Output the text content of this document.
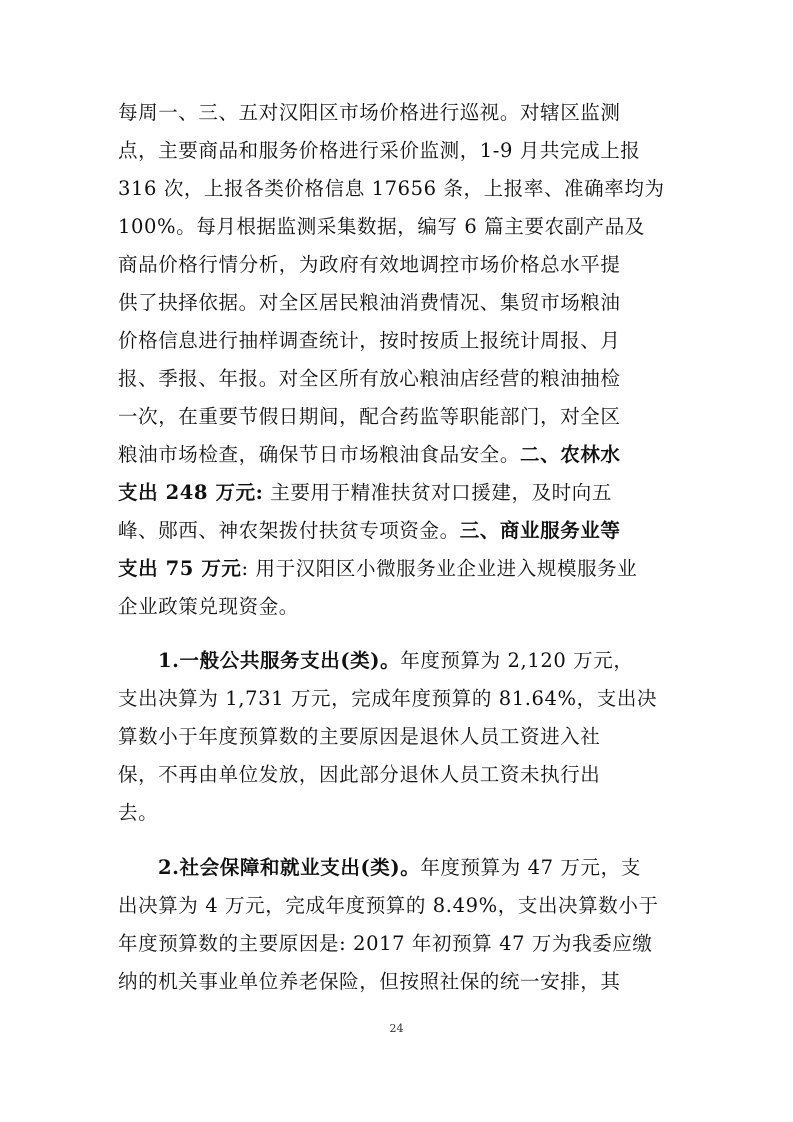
每周一、三、五对汉阳区市场价格进行巡视。对辖区监测
点，主要商品和服务价格进行采价监测，1-9 月共完成上报
316 次，上报各类价格信息 17656 条，上报率、准确率均为
100%。每月根据监测采集数据，编写 6 篇主要农副产品及
商品价格行情分析，为政府有效地调控市场价格总水平提
供了抉择依据。对全区居民粮油消费情况、集贸市场粮油
价格信息进行抽样调查统计，按时按质上报统计周报、月
报、季报、年报。对全区所有放心粮油店经营的粮油抽检
一次，在重要节假日期间，配合药监等职能部门，对全区
粮油市场检查，确保节日市场粮油食品安全。二、农林水
支出 248 万元: 主要用于精准扶贫对口援建，及时向五
峰、郧西、神农架拨付扶贫专项资金。三、商业服务业等
支出 75 万元: 用于汉阳区小微服务业企业进入规模服务业
企业政策兑现资金。
1.一般公共服务支出(类)。年度预算为 2,120 万元，
支出决算为 1,731 万元，完成年度预算的 81.64%，支出决
算数小于年度预算数的主要原因是退休人员工资进入社
保，不再由单位发放，因此部分退休人员工资未执行出
去。
2.社会保障和就业支出(类)。年度预算为 47 万元，支
出决算为 4 万元，完成年度预算的 8.49%，支出决算数小于
年度预算数的主要原因是: 2017 年初预算 47 万为我委应缴
纳的机关事业单位养老保险，但按照社保的统一安排，其
24
